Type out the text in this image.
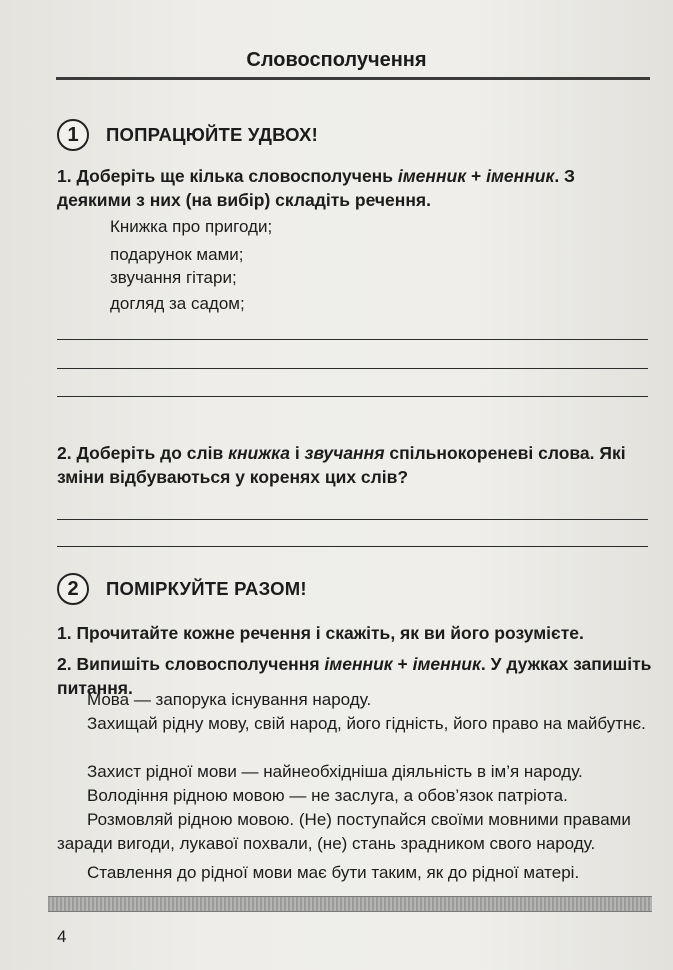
Словосполучення
1	ПОПРАЦЮЙТЕ УДВОХ!
1. Доберіть ще кілька словосполучень іменник + іменник. З деякими з них (на вибір) складіть речення.
Книжка про пригоди;
подарунок мами;
звучання гітари;
догляд за садом;
2. Доберіть до слів книжка і звучання спільнокореневі слова. Які зміни відбуваються у коренях цих слів?
2	ПОМІРКУЙТЕ РАЗОМ!
1. Прочитайте кожне речення і скажіть, як ви його розумієте.
2. Випишіть словосполучення іменник + іменник. У дужках запишіть питання.
Мова — запорука існування народу.
Захищай рідну мову, свій народ, його гідність, його право на майбутнє.
Захист рідної мови — найнеобхідніша діяльність в ім’я народу.
Володіння рідною мовою — не заслуга, а обов’язок патріота.
Розмовляй рідною мовою. (Не) поступайся своїми мовними правами заради вигоди, лукавої похвали, (не) стань зрадником свого народу.
Ставлення до рідної мови має бути таким, як до рідної матері.
4
